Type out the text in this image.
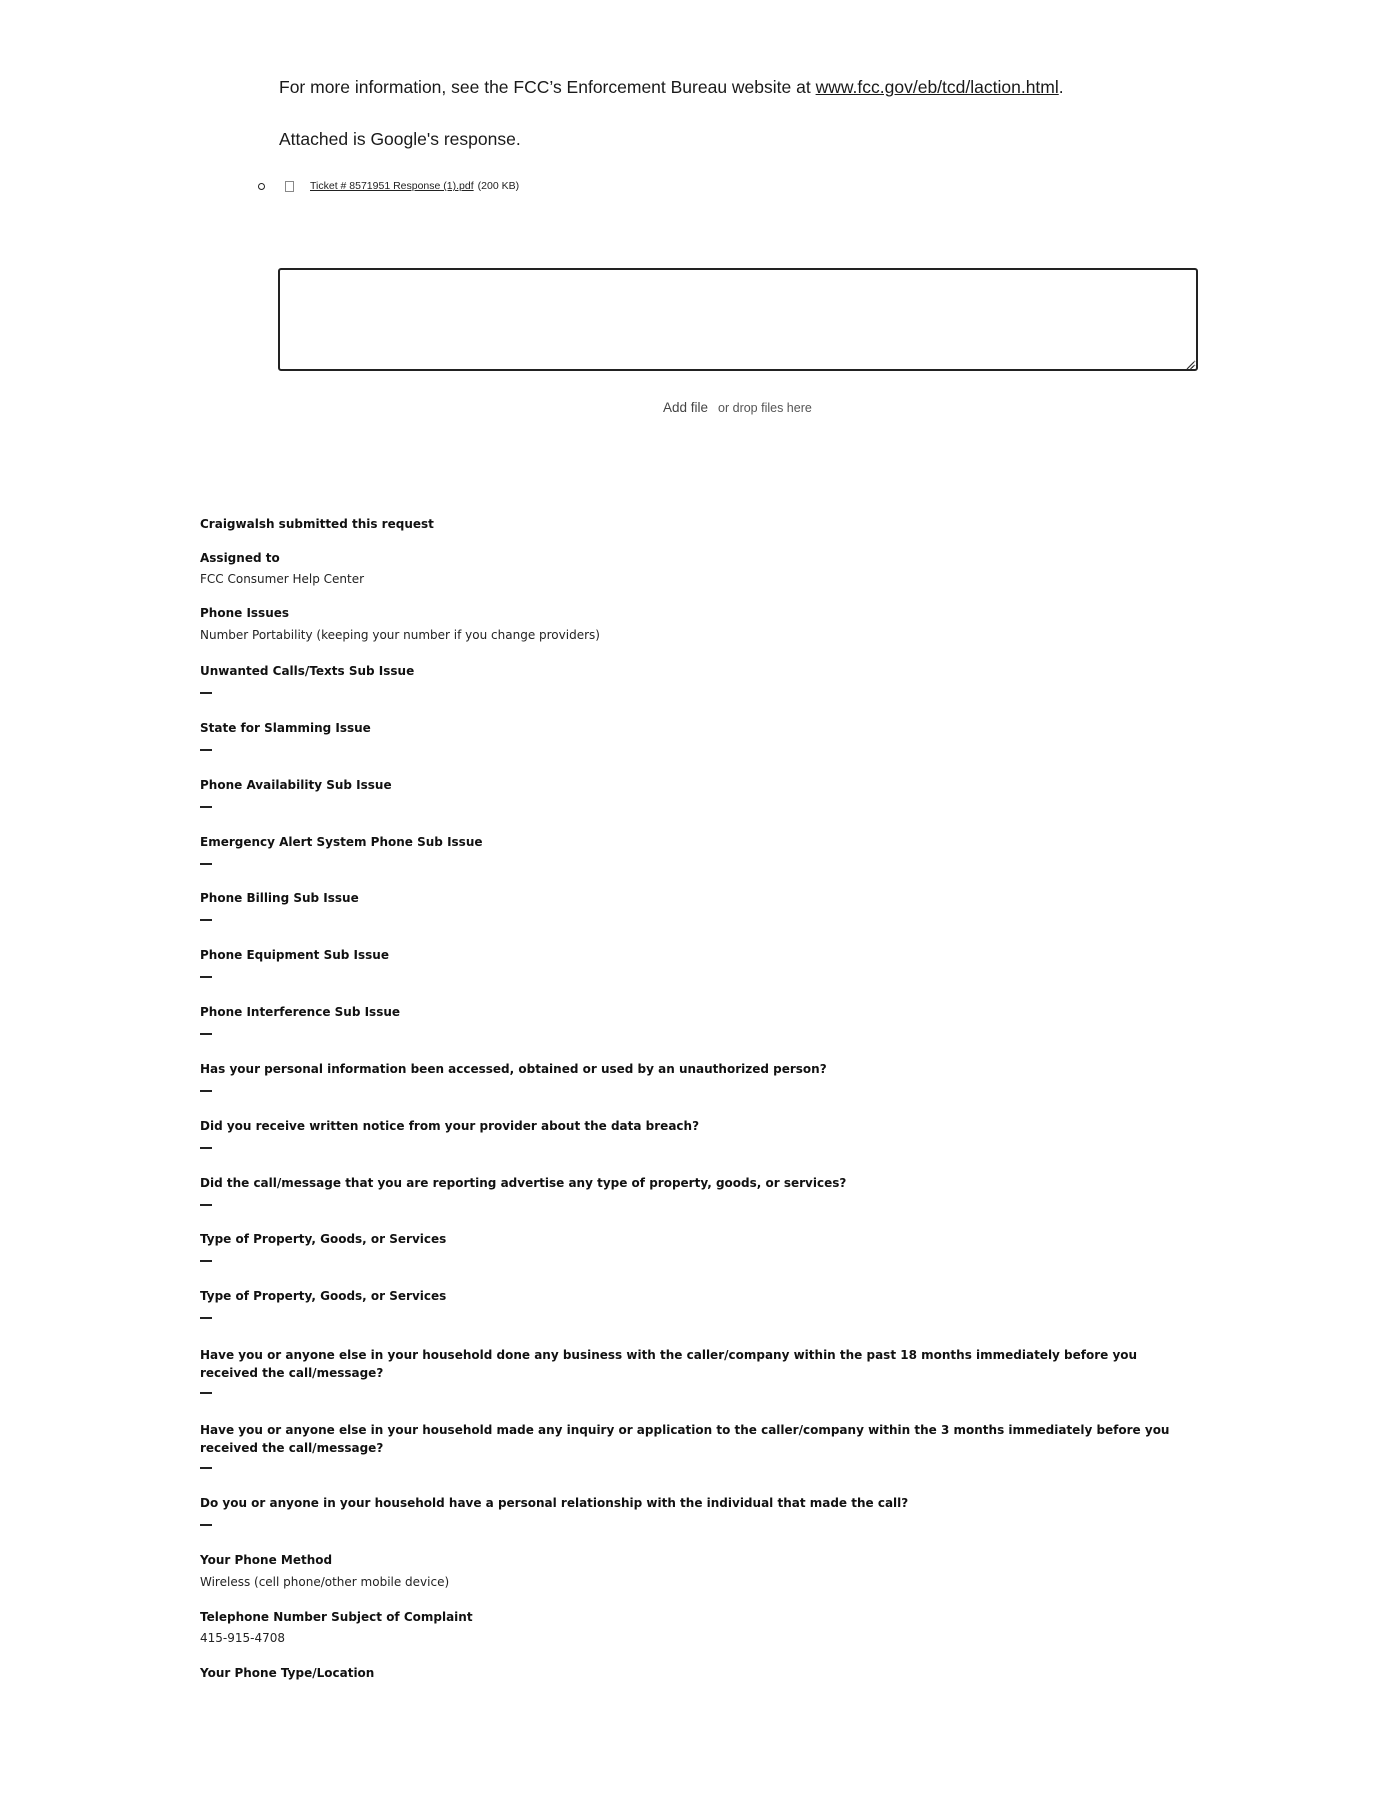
For more information, see the FCC’s Enforcement Bureau website at www.fcc.gov/eb/tcd/laction.html.

Attached is Google's response.

Ticket # 8571951 Response (1).pdf (200 KB)
Add file or drop files here
Craigwalsh submitted this request
Assigned to
FCC Consumer Help Center
Phone Issues
Number Portability (keeping your number if you change providers)
Unwanted Calls/Texts Sub Issue
State for Slamming Issue
Phone Availability Sub Issue
Emergency Alert System Phone Sub Issue
Phone Billing Sub Issue
Phone Equipment Sub Issue
Phone Interference Sub Issue
Has your personal information been accessed, obtained or used by an unauthorized person?
Did you receive written notice from your provider about the data breach?
Did the call/message that you are reporting advertise any type of property, goods, or services?
Type of Property, Goods, or Services
Type of Property, Goods, or Services
Have you or anyone else in your household done any business with the caller/company within the past 18 months immediately before you received the call/message?
Have you or anyone else in your household made any inquiry or application to the caller/company within the 3 months immediately before you received the call/message?
Do you or anyone in your household have a personal relationship with the individual that made the call?
Your Phone Method
Wireless (cell phone/other mobile device)
Telephone Number Subject of Complaint
415-915-4708
Your Phone Type/Location
